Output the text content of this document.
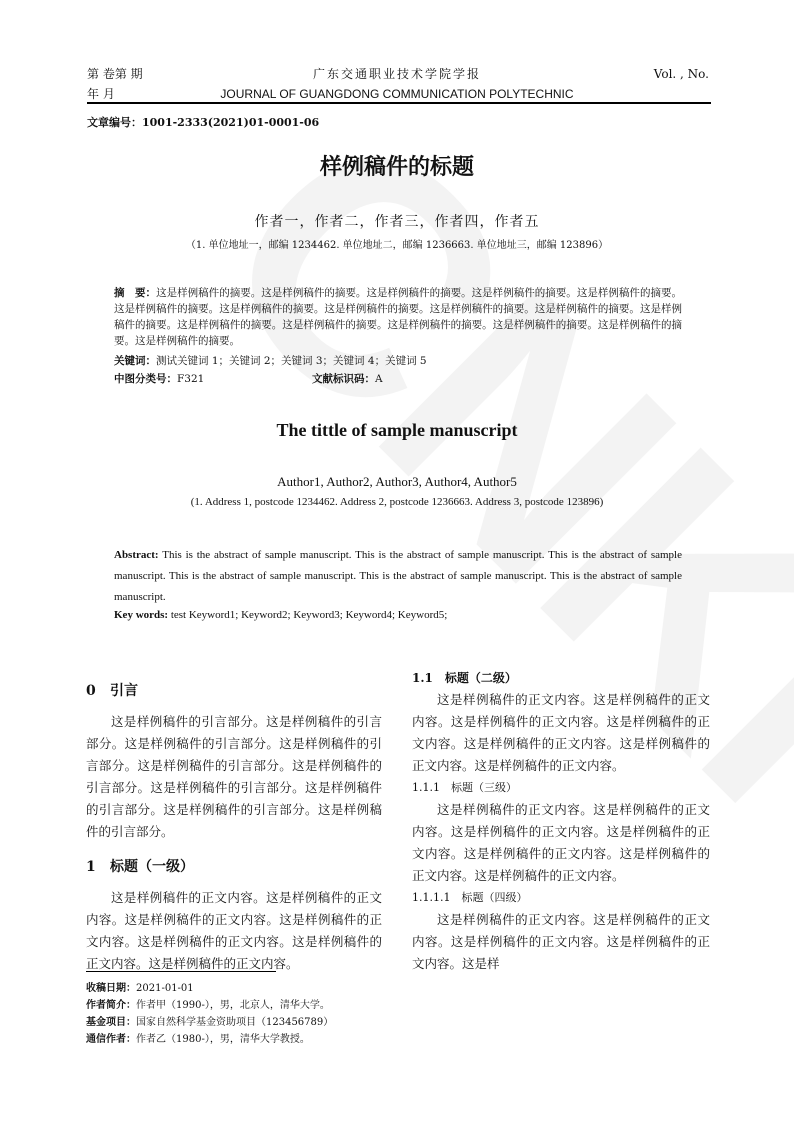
第 卷第 期
年 月
广东交通职业技术学院学报
JOURNAL OF GUANGDONG COMMUNICATION POLYTECHNIC
Vol. , No.
文章编号：1001-2333(2021)01-0001-06
样例稿件的标题
作者一，作者二，作者三，作者四，作者五
（1. 单位地址一，邮编 1234462. 单位地址二，邮编 1236663. 单位地址三，邮编 123896）
摘　要：这是样例稿件的摘要。这是样例稿件的摘要。这是样例稿件的摘要。这是样例稿件的摘要。这是样例稿件的摘要。这是样例稿件的摘要。这是样例稿件的摘要。这是样例稿件的摘要。这是样例稿件的摘要。这是样例稿件的摘要。这是样例稿件的摘要。这是样例稿件的摘要。这是样例稿件的摘要。这是样例稿件的摘要。这是样例稿件的摘要。这是样例稿件的摘要。这是样例稿件的摘要。
关键词：测试关键词 1；关键词 2；关键词 3；关键词 4；关键词 5
中图分类号：F321	文献标识码：A
The tittle of sample manuscript
Author1, Author2, Author3, Author4, Author5
(1. Address 1, postcode 1234462. Address 2, postcode 1236663. Address 3, postcode 123896)
Abstract: This is the abstract of sample manuscript. This is the abstract of sample manuscript. This is the abstract of sample manuscript. This is the abstract of sample manuscript. This is the abstract of sample manuscript. This is the abstract of sample manuscript.
Key words: test Keyword1; Keyword2; Keyword3; Keyword4; Keyword5;
0 引言

这是样例稿件的引言部分。这是样例稿件的引言部分。这是样例稿件的引言部分。这是样例稿件的引言部分。这是样例稿件的引言部分。这是样例稿件的引言部分。这是样例稿件的引言部分。这是样例稿件的引言部分。这是样例稿件的引言部分。这是样例稿件的引言部分。

1 标题（一级）

这是样例稿件的正文内容。这是样例稿件的正文内容。这是样例稿件的正文内容。这是样例稿件的正文内容。这是样例稿件的正文内容。这是样例稿件的正文内容。这是样例稿件的正文内容。

1.1　标题（二级）

这是样例稿件的正文内容。这是样例稿件的正文内容。这是样例稿件的正文内容。这是样例稿件的正文内容。这是样例稿件的正文内容。这是样例稿件的正文内容。这是样例稿件的正文内容。

1.1.1　标题（三级）

这是样例稿件的正文内容。这是样例稿件的正文内容。这是样例稿件的正文内容。这是样例稿件的正文内容。这是样例稿件的正文内容。这是样例稿件的正文内容。这是样例稿件的正文内容。

1.1.1.1　标题（四级）

这是样例稿件的正文内容。这是样例稿件的正文内容。这是样例稿件的正文内容。这是样例稿件的正文内容。这是样

收稿日期：2021-01-01
作者简介：作者甲（1990-），男，北京人，清华大学。
基金项目：国家自然科学基金资助项目（123456789）
通信作者：作者乙（1980-），男，清华大学教授。
